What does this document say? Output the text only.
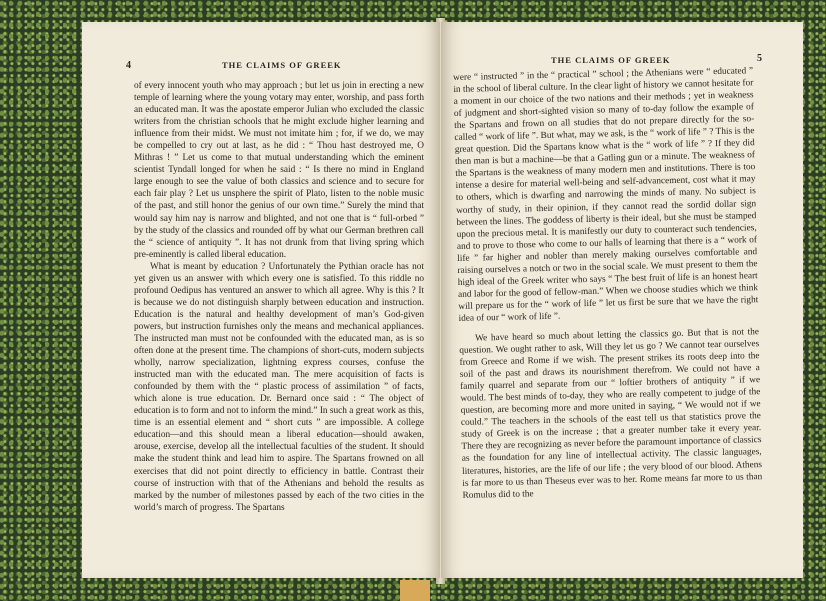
4	THE CLAIMS OF GREEK

of every innocent youth who may approach ; but let us join in erecting a new temple of learning where the young votary may enter, worship, and pass forth an educated man. It was the apostate emperor Julian who excluded the classic writers from the christian schools that he might exclude higher learning and influence from their midst. We must not imitate him ; for, if we do, we may be compelled to cry out at last, as he did : “ Thou hast destroyed me, O Mithras ! ” Let us come to that mutual understanding which the eminent scientist Tyndall longed for when he said : “ Is there no mind in England large enough to see the value of both classics and science and to secure for each fair play ? Let us unsphere the spirit of Plato, listen to the noble music of the past, and still honor the genius of our own time.” Surely the mind that would say him nay is narrow and blighted, and not one that is “ full-orbed ” by the study of the classics and rounded off by what our German brethren call the “ science of antiquity ”. It has not drunk from that living spring which pre-eminently is called liberal education.

What is meant by education ? Unfortunately the Pythian oracle has not yet given us an answer with which every one is satisfied. To this riddle no profound Oedipus has ventured an answer to which all agree. Why is this ? It is because we do not distinguish sharply between education and instruction. Education is the natural and healthy development of man’s God-given powers, but instruction furnishes only the means and mechanical appliances. The instructed man must not be confounded with the educated man, as is so often done at the present time. The champions of short-cuts, modern subjects wholly, narrow specialization, lightning express courses, confuse the instructed man with the educated man. The mere acquisition of facts is confounded by them with the “ plastic process of assimilation ” of facts, which alone is true education. Dr. Bernard once said : “ The object of education is to form and not to inform the mind.” In such a great work as this, time is an essential element and “ short cuts ” are impossible. A college education—and this should mean a liberal education—should awaken, arouse, exercise, develop all the intellectual faculties of the student. It should make the student think and lead him to aspire. The Spartans frowned on all exercises that did not point directly to efficiency in battle. Contrast their course of instruction with that of the Athenians and behold the results as marked by the number of milestones passed by each of the two cities in the world’s march of progress. The Spartans

THE CLAIMS OF GREEK	5

were “ instructed ” in the “ practical ” school ; the Athenians were “ educated ” in the school of liberal culture. In the clear light of history we cannot hesitate for a moment in our choice of the two nations and their methods ; yet in weakness of judgment and short-sighted vision so many of to-day follow the example of the Spartans and frown on all studies that do not prepare directly for the so-called “ work of life ”. But what, may we ask, is the “ work of life ” ? This is the great question. Did the Spartans know what is the “ work of life ” ? If they did then man is but a machine—be that a Gatling gun or a minute. The weakness of the Spartans is the weakness of many modern men and institutions. There is too intense a desire for material well-being and self-advancement, cost what it may to others, which is dwarfing and narrowing the minds of many. No subject is worthy of study, in their opinion, if they cannot read the sordid dollar sign between the lines. The goddess of liberty is their ideal, but she must be stamped upon the precious metal. It is manifestly our duty to counteract such tendencies, and to prove to those who come to our halls of learning that there is a “ work of life ” far higher and nobler than merely making ourselves comfortable and raising ourselves a notch or two in the social scale. We must present to them the high ideal of the Greek writer who says “ The best fruit of life is an honest heart and labor for the good of fellow-man.” When we choose studies which we think will prepare us for the “ work of life ” let us first be sure that we have the right idea of our “ work of life ”.

We have heard so much about letting the classics go. But that is not the question. We ought rather to ask, Will they let us go ? We cannot tear ourselves from Greece and Rome if we wish. The present strikes its roots deep into the soil of the past and draws its nourishment therefrom. We could not have a family quarrel and separate from our “ loftier brothers of antiquity ” if we would. The best minds of to-day, they who are really competent to judge of the question, are becoming more and more united in saying, “ We would not if we could.” The teachers in the schools of the east tell us that statistics prove the study of Greek is on the increase ; that a greater number take it every year. There they are recognizing as never before the paramount importance of classics as the foundation for any line of intellectual activity. The classic languages, literatures, histories, are the life of our life ; the very blood of our blood. Athens is far more to us than Theseus ever was to her. Rome means far more to us than Romulus did to the
